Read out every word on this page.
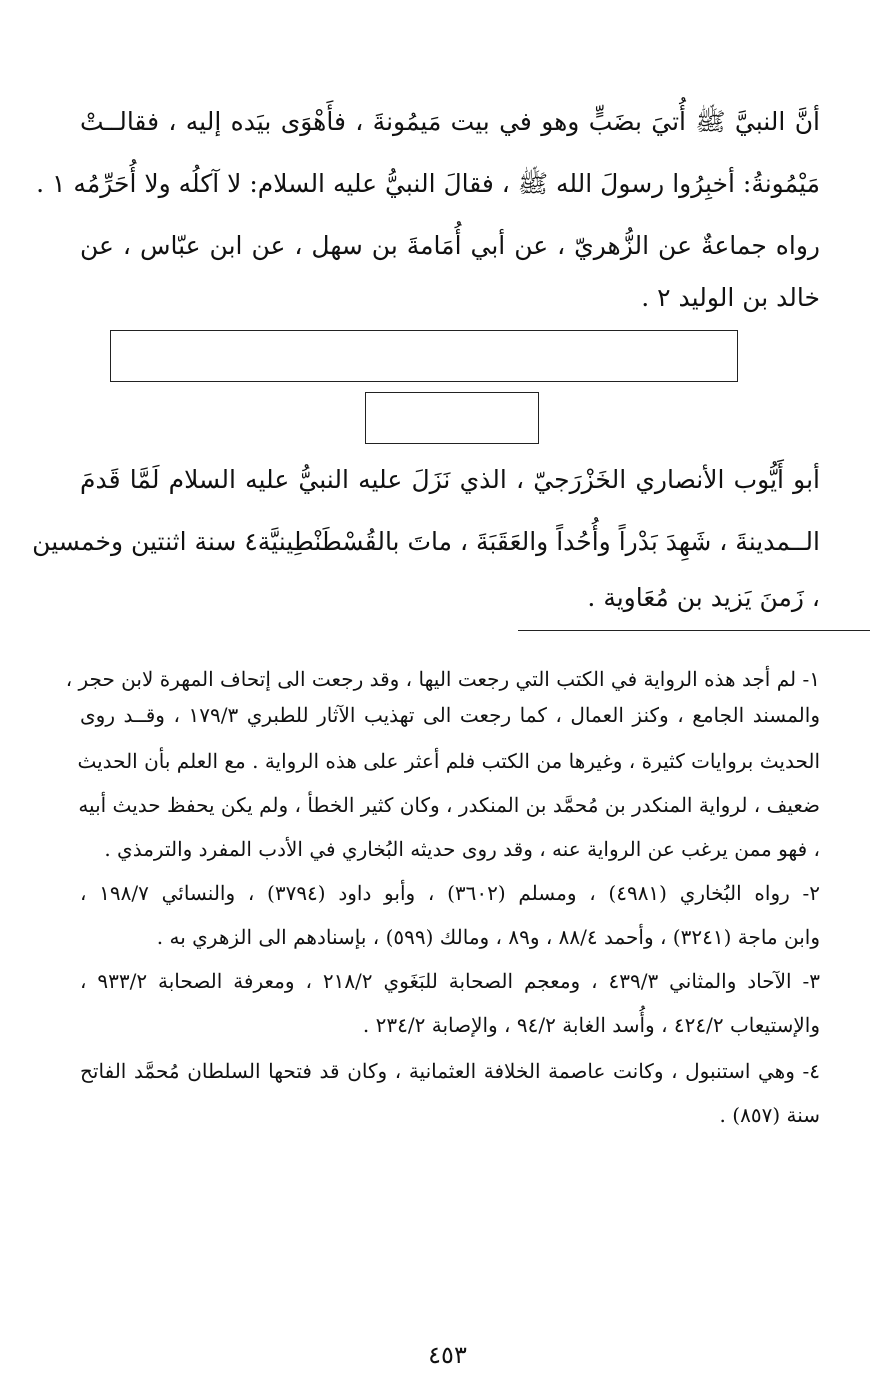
أنَّ النبيَّ ﷺ أُتيَ بضَبٍّ وهو في بيت مَيمُونةَ ، فأَهْوَى بيَده إليه ، فقالــتْ
مَيْمُونةُ: أخبِرُوا رسولَ الله ﷺ ، فقالَ النبيُّ عليه السلام: لا آكلُه ولا أُحَرِّمُه ١ .
رواه جماعةٌ عن الزُّهريّ ، عن أبي أُمَامةَ بن سهل ، عن ابن عبّاس ، عن
خالد بن الوليد ٢ .
أبو أَيُّوب الأنصاري الخَزْرَجيّ ، الذي نَزَلَ عليه النبيُّ عليه السلام لَمَّا قَدمَ
الــمدينةَ ، شَهِدَ بَدْراً وأُحُداً والعَقَبَةَ ، ماتَ بالقُسْطَنْطِينيَّة٤ سنة اثنتين وخمسين
، زَمنَ يَزيد بن مُعَاوية .
١- لم أجد هذه الرواية في الكتب التي رجعت اليها ، وقد رجعت الى إتحاف المهرة لابن حجر ،
والمسند الجامع ، وكنز العمال ، كما رجعت الى تهذيب الآثار للطبري ١٧٩/٣ ، وقــد روى
الحديث بروايات كثيرة ، وغيرها من الكتب فلم أعثر على هذه الرواية . مع العلم بأن الحديث
ضعيف ، لرواية المنكدر بن مُحمَّد بن المنكدر ، وكان كثير الخطأ ، ولم يكن يحفظ حديث أبيه
، فهو ممن يرغب عن الرواية عنه ، وقد روى حديثه البُخاري في الأدب المفرد والترمذي .
٢- رواه البُخاري (٤٩٨١) ، ومسلم (٣٦٠٢) ، وأبو داود (٣٧٩٤) ، والنسائي ١٩٨/٧ ،
وابن ماجة (٣٢٤١) ، وأحمد ٨٨/٤ ، و٨٩ ، ومالك (٥٩٩) ، بإسنادهم الى الزهري به .
٣- الآحاد والمثاني ٤٣٩/٣ ، ومعجم الصحابة للبَغَوي ٢١٨/٢ ، ومعرفة الصحابة ٩٣٣/٢ ،
والإستيعاب ٤٢٤/٢ ، وأُسد الغابة ٩٤/٢ ، والإصابة ٢٣٤/٢ .
٤- وهي استنبول ، وكانت عاصمة الخلافة العثمانية ، وكان قد فتحها السلطان مُحمَّد الفاتح
سنة (٨٥٧) .
٤٥٣
